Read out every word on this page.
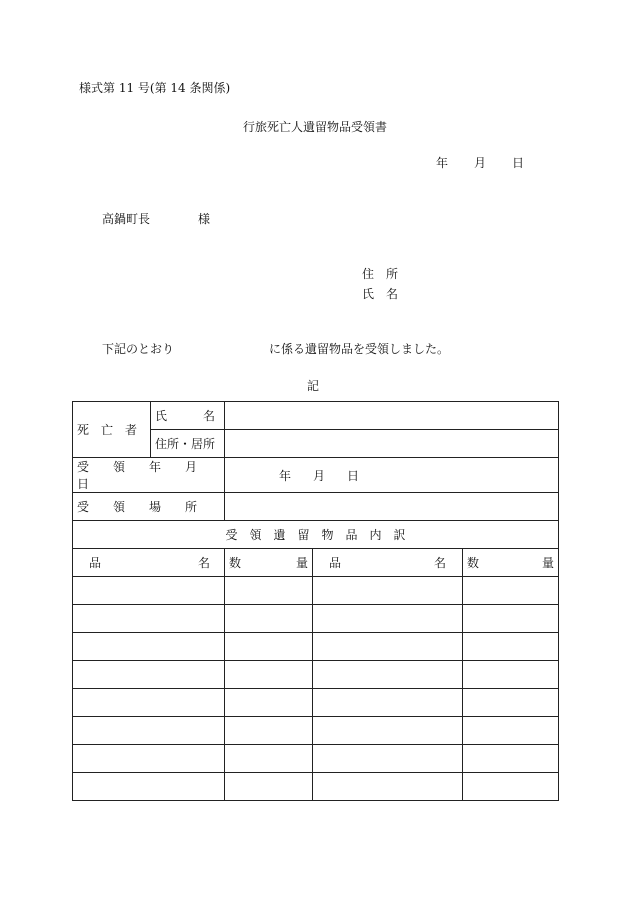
様式第 11 号(第 14 条関係)
行旅死亡人遺留物品受領書
年 月 日
高鍋町長	様
住　所
氏　名
下記のとおり	に係る遺留物品を受領しました。
記
死　亡　者	氏　　　名			
	住所・居所			
受　　領　　年　　月　　日		年 月 日		
受　　領　　場　　所				
受　領　遺　留　物　品　内　訳				

品 名		数 量	品 名	数 量
